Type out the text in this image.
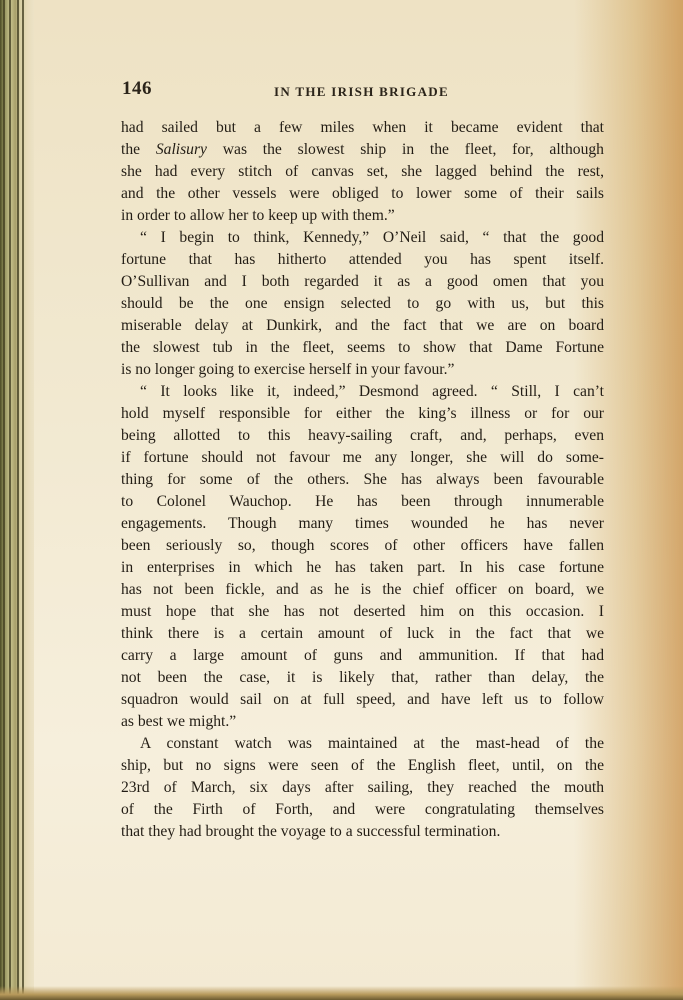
146	IN THE IRISH BRIGADE
had sailed but a few miles when it became evident that
the Salisury was the slowest ship in the fleet, for, although
she had every stitch of canvas set, she lagged behind the rest,
and the other vessels were obliged to lower some of their sails
in order to allow her to keep up with them.”
“ I begin to think, Kennedy,” O’Neil said, “ that the good
fortune that has hitherto attended you has spent itself.
O’Sullivan and I both regarded it as a good omen that you
should be the one ensign selected to go with us, but this
miserable delay at Dunkirk, and the fact that we are on board
the slowest tub in the fleet, seems to show that Dame Fortune
is no longer going to exercise herself in your favour.”
“ It looks like it, indeed,” Desmond agreed. “ Still, I can’t
hold myself responsible for either the king’s illness or for our
being allotted to this heavy-sailing craft, and, perhaps, even
if fortune should not favour me any longer, she will do some-
thing for some of the others. She has always been favourable
to Colonel Wauchop. He has been through innumerable
engagements. Though many times wounded he has never
been seriously so, though scores of other officers have fallen
in enterprises in which he has taken part. In his case fortune
has not been fickle, and as he is the chief officer on board, we
must hope that she has not deserted him on this occasion. I
think there is a certain amount of luck in the fact that we
carry a large amount of guns and ammunition. If that had
not been the case, it is likely that, rather than delay, the
squadron would sail on at full speed, and have left us to follow
as best we might.”
A constant watch was maintained at the mast-head of the
ship, but no signs were seen of the English fleet, until, on the
23rd of March, six days after sailing, they reached the mouth
of the Firth of Forth, and were congratulating themselves
that they had brought the voyage to a successful termination.
